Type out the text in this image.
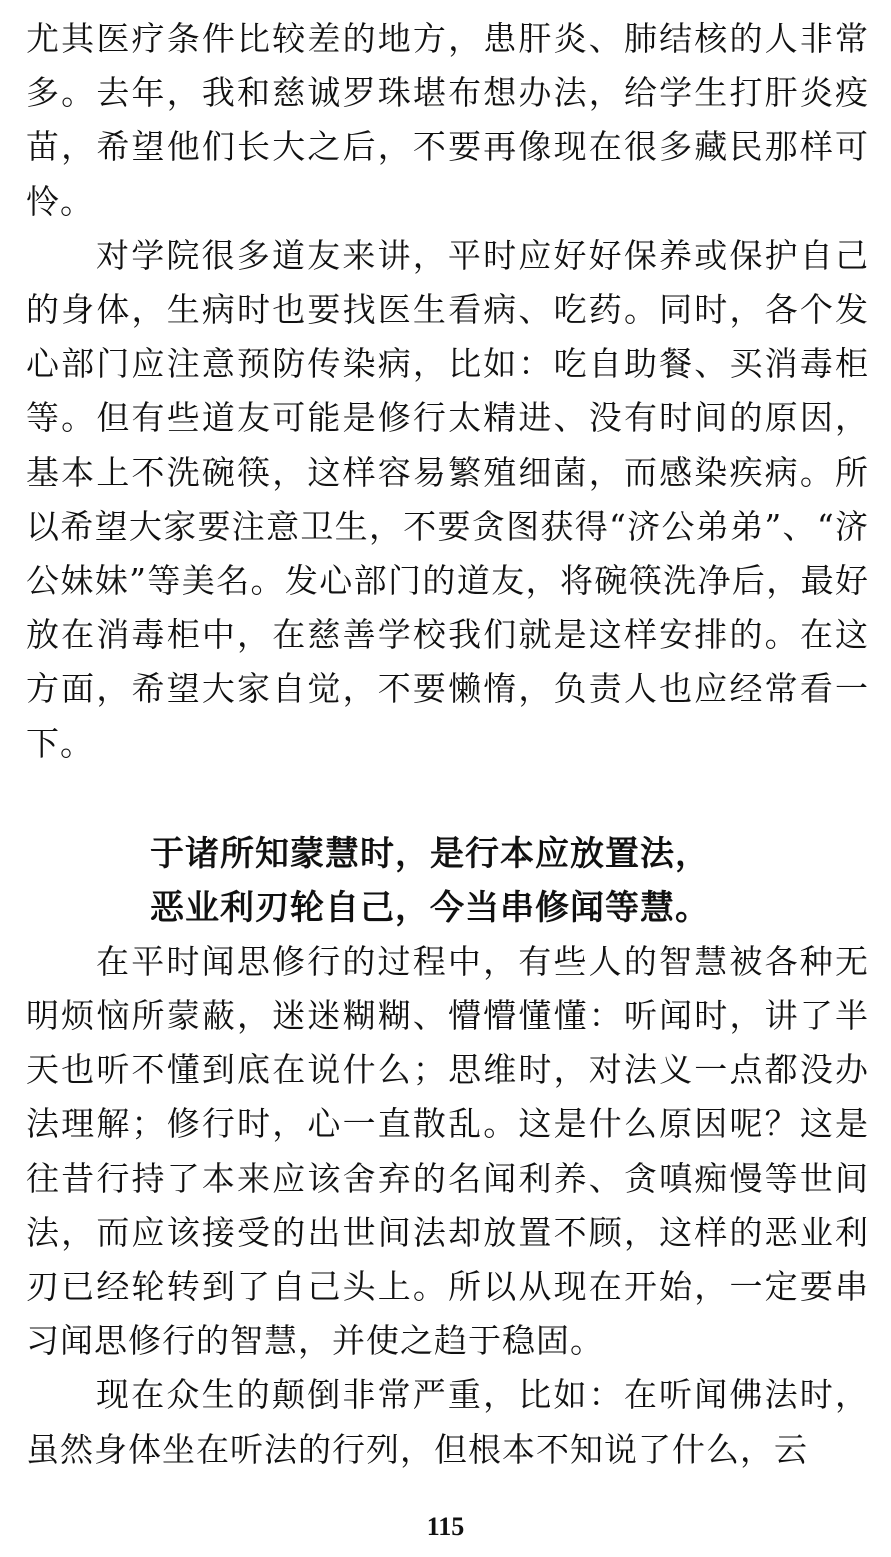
尤其医疗条件比较差的地方，患肝炎、肺结核的人非常多。去年，我和慈诚罗珠堪布想办法，给学生打肝炎疫苗，希望他们长大之后，不要再像现在很多藏民那样可怜。

对学院很多道友来讲，平时应好好保养或保护自己的身体，生病时也要找医生看病、吃药。同时，各个发心部门应注意预防传染病，比如：吃自助餐、买消毒柜等。但有些道友可能是修行太精进、没有时间的原因，基本上不洗碗筷，这样容易繁殖细菌，而感染疾病。所以希望大家要注意卫生，不要贪图获得“济公弟弟”、“济公妹妹”等美名。发心部门的道友，将碗筷洗净后，最好放在消毒柜中，在慈善学校我们就是这样安排的。在这方面，希望大家自觉，不要懒惰，负责人也应经常看一下。

于诸所知蒙慧时，是行本应放置法，

恶业利刃轮自己，今当串修闻等慧。

在平时闻思修行的过程中，有些人的智慧被各种无明烦恼所蒙蔽，迷迷糊糊、懵懵懂懂：听闻时，讲了半天也听不懂到底在说什么；思维时，对法义一点都没办法理解；修行时，心一直散乱。这是什么原因呢？这是往昔行持了本来应该舍弃的名闻利养、贪嗔痴慢等世间法，而应该接受的出世间法却放置不顾，这样的恶业利刃已经轮转到了自己头上。所以从现在开始，一定要串习闻思修行的智慧，并使之趋于稳固。

现在众生的颠倒非常严重，比如：在听闻佛法时，虽然身体坐在听法的行列，但根本不知说了什么，云

115
